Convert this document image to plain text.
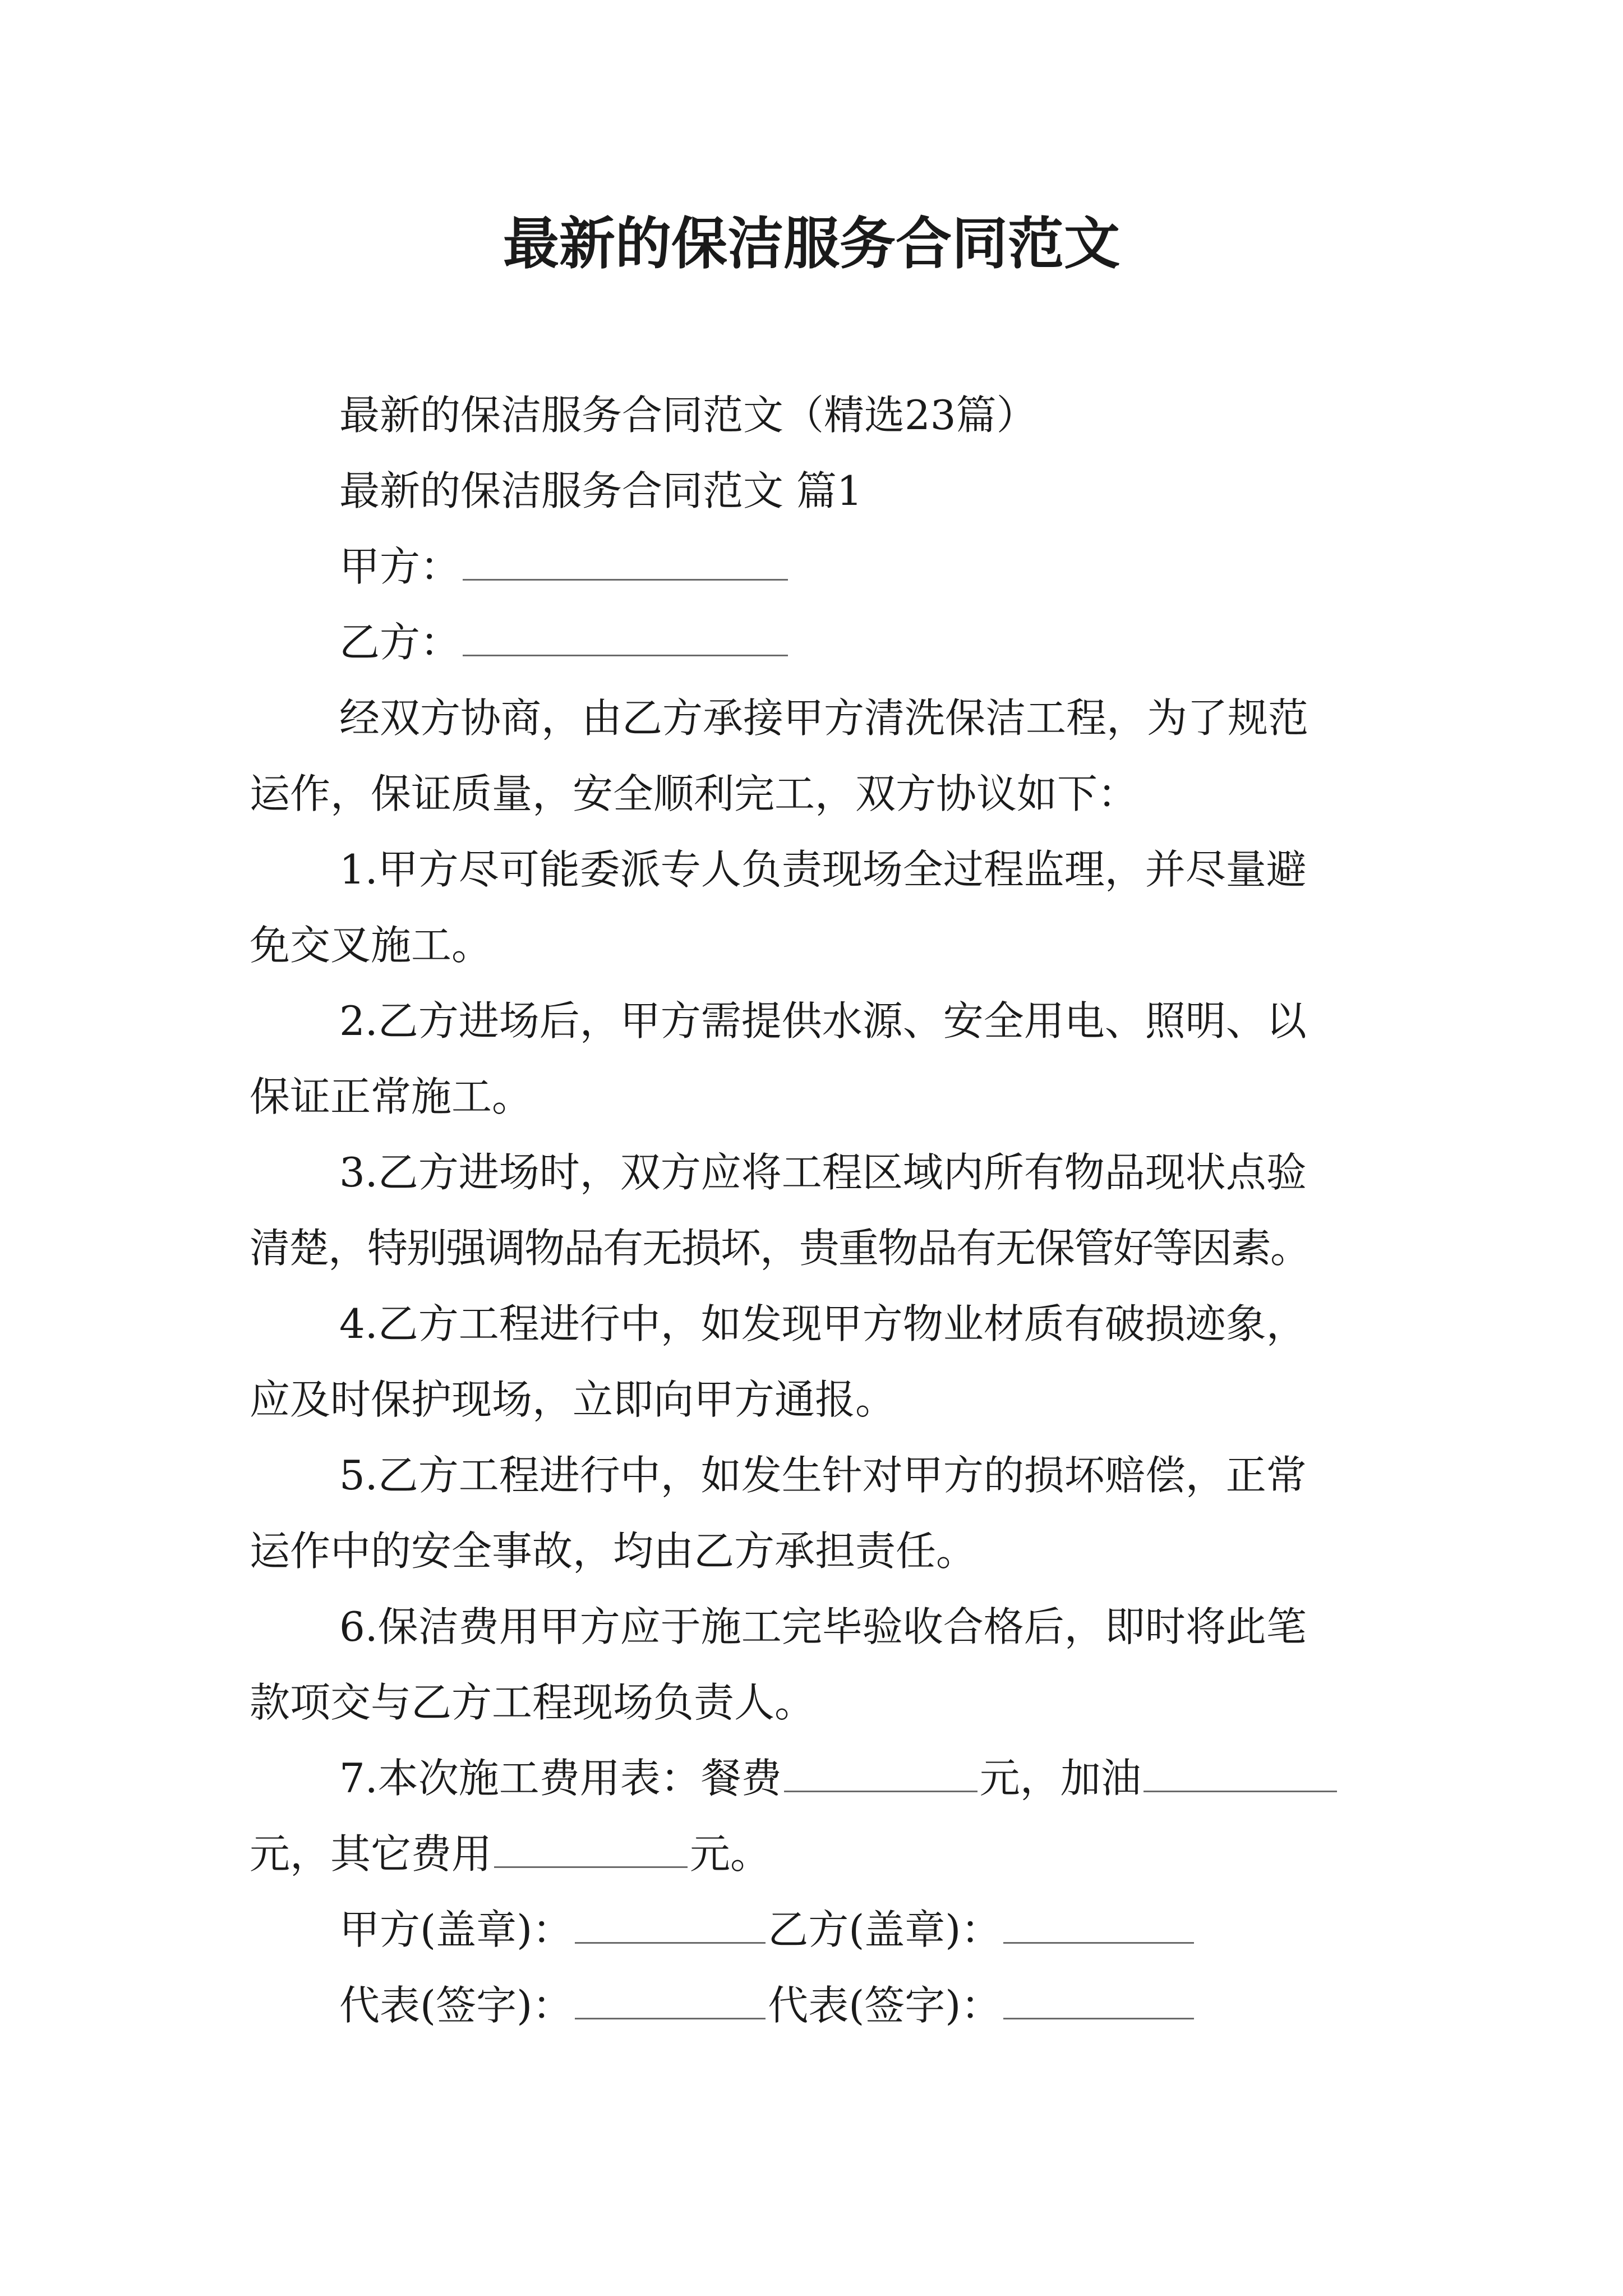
最新的保洁服务合同范文
最新的保洁服务合同范文（精选23篇）
最新的保洁服务合同范文 篇1
甲方：
乙方：
经双方协商，由乙方承接甲方清洗保洁工程，为了规范
运作，保证质量，安全顺利完工，双方协议如下：
1.甲方尽可能委派专人负责现场全过程监理，并尽量避
免交叉施工。
2.乙方进场后，甲方需提供水源、安全用电、照明、以
保证正常施工。
3.乙方进场时，双方应将工程区域内所有物品现状点验
清楚，特别强调物品有无损坏，贵重物品有无保管好等因素。
4.乙方工程进行中，如发现甲方物业材质有破损迹象，
应及时保护现场，立即向甲方通报。
5.乙方工程进行中，如发生针对甲方的损坏赔偿，正常
运作中的安全事故，均由乙方承担责任。
6.保洁费用甲方应于施工完毕验收合格后，即时将此笔
款项交与乙方工程现场负责人。
7.本次施工费用表：餐费	元，加油
元，其它费用	元。
甲方(盖章)：	乙方(盖章)：
代表(签字)：	代表(签字)：
